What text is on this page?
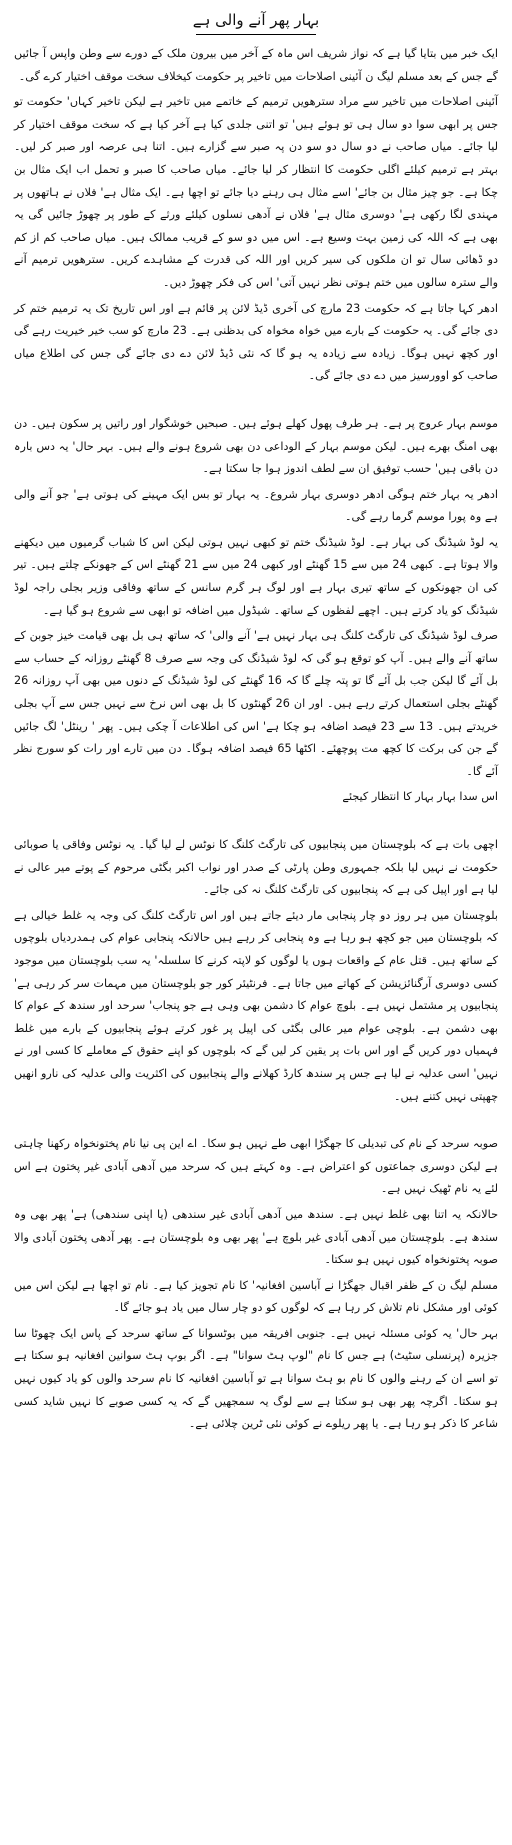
بہار پھر آنے والی ہے

ایک خبر میں بتایا گیا ہے کہ نواز شریف اس ماہ کے آخر میں بیرون ملک کے دورے سے وطن واپس آ جائیں گے جس کے بعد مسلم لیگ ن آئینی اصلاحات میں تاخیر پر حکومت کیخلاف سخت موقف اختیار کرے گی۔

آئینی اصلاحات میں تاخیر سے مراد سترھویں ترمیم کے خاتمے میں تاخیر ہے لیکن تاخیر کہاں' حکومت تو جس پر ابھی سوا دو سال ہی تو ہوئے ہیں' تو اتنی جلدی کیا ہے آخر کیا ہے کہ سخت موقف اختیار کر لیا جائے۔ میاں صاحب نے دو سال دو سو دن پہ صبر سے گزارے ہیں۔ اتنا ہی عرصہ اور صبر کر لیں۔ بہتر ہے ترمیم کیلئے اگلی حکومت کا انتظار کر لیا جائے۔ میاں صاحب کا صبر و تحمل اب ایک مثال بن چکا ہے۔ جو چیز مثال بن جائے' اسے مثال ہی رہنے دیا جائے تو اچھا ہے۔ ایک مثال ہے' فلاں نے ہاتھوں پر مہندی لگا رکھی ہے' دوسری مثال ہے' فلاں نے آدھی نسلوں کیلئے ورثے کے طور پر چھوڑ جائیں گی یہ بھی ہے کہ اللہ کی زمین بہت وسیع ہے۔ اس میں دو سو کے قریب ممالک ہیں۔ میاں صاحب کم از کم دو ڈھائی سال تو ان ملکوں کی سیر کریں اور اللہ کی قدرت کے مشاہدے کریں۔ سترھویں ترمیم آنے والے سترہ سالوں میں ختم ہوتی نظر نہیں آتی' اس کی فکر چھوڑ دیں۔

ادھر کہا جاتا ہے کہ حکومت 23 مارچ کی آخری ڈیڈ لائن پر قائم ہے اور اس تاریخ تک یہ ترمیم ختم کر دی جائے گی۔ یہ حکومت کے بارے میں خواہ مخواہ کی بدظنی ہے۔ 23 مارچ کو سب خیر خیریت رہے گی اور کچھ نہیں ہوگا۔ زیادہ سے زیادہ یہ ہو گا کہ نئی ڈیڈ لائن دے دی جائے گی جس کی اطلاع میاں صاحب کو اوورسیز میں دے دی جائے گی۔

موسم بہار عروج پر ہے۔ ہر طرف پھول کھلے ہوئے ہیں۔ صبحیں خوشگوار اور راتیں پر سکون ہیں۔ دن بھی امنگ بھرے ہیں۔ لیکن موسم بہار کے الوداعی دن بھی شروع ہونے والے ہیں۔ بہر حال' یہ دس بارہ دن باقی ہیں' حسب توفیق ان سے لطف اندوز ہوا جا سکتا ہے۔

ادھر یہ بہار ختم ہوگی ادھر دوسری بہار شروع۔ یہ بہار تو بس ایک مہینے کی ہوتی ہے' جو آنے والی ہے وہ پورا موسم گرما رہے گی۔

یہ لوڈ شیڈنگ کی بہار ہے۔ لوڈ شیڈنگ ختم تو کبھی نہیں ہوتی لیکن اس کا شباب گرمیوں میں دیکھنے والا ہوتا ہے۔ کبھی 24 میں سے 15 گھنٹے اور کبھی 24 میں سے 21 گھنٹے اس کے جھونکے چلتے ہیں۔ تیر کی ان جھونکوں کے ساتھ تیری بہار ہے اور لوگ ہر گرم سانس کے ساتھ وفاقی وزیر بجلی راجہ لوڈ شیڈنگ کو یاد کرتے ہیں۔ اچھے لفظوں کے ساتھ۔ شیڈول میں اضافہ تو ابھی سے شروع ہو گیا ہے۔

صرف لوڈ شیڈنگ کی تارگٹ کلنگ ہی بہار نہیں ہے' آنے والی' کہ ساتھ ہی بل بھی قیامت خیز جوبن کے ساتھ آنے والے ہیں۔ آپ کو توقع ہو گی کہ لوڈ شیڈنگ کی وجہ سے صرف 8 گھنٹے روزانہ کے حساب سے بل آئے گا لیکن جب بل آئے گا تو پتہ چلے گا کہ 16 گھنٹے کی لوڈ شیڈنگ کے دنوں میں بھی آپ روزانہ 26 گھنٹے بجلی استعمال کرتے رہے ہیں۔ اور ان 26 گھنٹوں کا بل بھی اس نرخ سے نہیں جس سے آپ بجلی خریدتے ہیں۔ 13 سے 23 فیصد اضافہ ہو چکا ہے' اس کی اطلاعات آ چکی ہیں۔ پھر ' رینٹل' لگ جائیں گے جن کی برکت کا کچھ مت پوچھئے۔ اکٹھا 65 فیصد اضافہ ہوگا۔ دن میں تارے اور رات کو سورج نظر آئے گا۔

اس سدا بہار بہار کا انتظار کیجئے

اچھی بات ہے کہ بلوچستان میں پنجابیوں کی تارگٹ کلنگ کا نوٹس لے لیا گیا۔ یہ نوٹس وفاقی یا صوبائی حکومت نے نہیں لیا بلکہ جمہوری وطن پارٹی کے صدر اور نواب اکبر بگٹی مرحوم کے پوتے میر عالی نے لیا ہے اور اپیل کی ہے کہ پنجابیوں کی تارگٹ کلنگ نہ کی جائے۔

بلوچستان میں ہر روز دو چار پنجابی مار دیئے جاتے ہیں اور اس تارگٹ کلنگ کی وجہ یہ غلط خیالی ہے کہ بلوچستان میں جو کچھ ہو رہا ہے وہ پنجابی کر رہے ہیں حالانکہ پنجابی عوام کی ہمدردیاں بلوچوں کے ساتھ ہیں۔ قتل عام کے واقعات ہوں یا لوگوں کو لاپتہ کرنے کا سلسلہ' یہ سب بلوچستان میں موجود کسی دوسری آرگنائزیشن کے کھاتے میں جاتا ہے۔ فرنٹیئر کور جو بلوچستان میں مہمات سر کر رہی ہے' پنجابیوں پر مشتمل نہیں ہے۔ بلوچ عوام کا دشمن بھی وہی ہے جو پنجاب' سرحد اور سندھ کے عوام کا بھی دشمن ہے۔ بلوچی عوام میر عالی بگٹی کی اپیل پر غور کرتے ہوئے پنجابیوں کے بارے میں غلط فہمیاں دور کریں گے اور اس بات پر یقین کر لیں گے کہ بلوچوں کو اپنے حقوق کے معاملے کا کسی اور نے نہیں' اسی عدلیہ نے لیا ہے جس پر سندھ کارڈ کھلانے والے پنجابیوں کی اکثریت والی عدلیہ کی نارو انھیں چھپتی نہیں کتنے ہیں۔

صوبہ سرحد کے نام کی تبدیلی کا جھگڑا ابھی طے نہیں ہو سکا۔ اے این پی نیا نام پختونخواہ رکھنا چاہتی ہے لیکن دوسری جماعتوں کو اعتراض ہے۔ وہ کہتے ہیں کہ سرحد میں آدھی آبادی غیر پختون ہے اس لئے یہ نام ٹھیک نہیں ہے۔

حالانکہ یہ اتنا بھی غلط نہیں ہے۔ سندھ میں آدھی آبادی غیر سندھی (یا اپنی سندھی) ہے' پھر بھی وہ سندھ ہے۔ بلوچستان میں آدھی آبادی غیر بلوچ ہے' پھر بھی وہ بلوچستان ہے۔ پھر آدھی پختون آبادی والا صوبہ پختونخواہ کیوں نہیں ہو سکتا۔

مسلم لیگ ن کے ظفر اقبال جھگڑا نے آباسین افغانیہ' کا نام تجویز کیا ہے۔ نام تو اچھا ہے لیکن اس میں کوئی اور مشکل نام تلاش کر رہا ہے کہ لوگوں کو دو چار سال میں یاد ہو جائے گا۔

بہر حال' یہ کوئی مسئلہ نہیں ہے۔ جنوبی افریقہ میں بوٹسوانا کے ساتھ سرحد کے پاس ایک چھوٹا سا جزیرہ (پرنسلی سٹیٹ) ہے جس کا نام "لوپ ہٹ سوانا" ہے۔ اگر بوپ ہٹ سوانین افغانیہ ہو سکتا ہے تو اسے ان کے رہنے والوں کا نام بو ہٹ سوانا ہے تو آباسین افغانیہ کا نام سرحد والوں کو یاد کیوں نہیں ہو سکتا۔ اگرچہ پھر بھی ہو سکتا ہے سے لوگ یہ سمجھیں گے کہ یہ کسی صوبے کا نہیں شاید کسی شاعر کا ذکر ہو رہا ہے۔ یا پھر ریلوے نے کوئی نئی ٹرین چلائی ہے۔
